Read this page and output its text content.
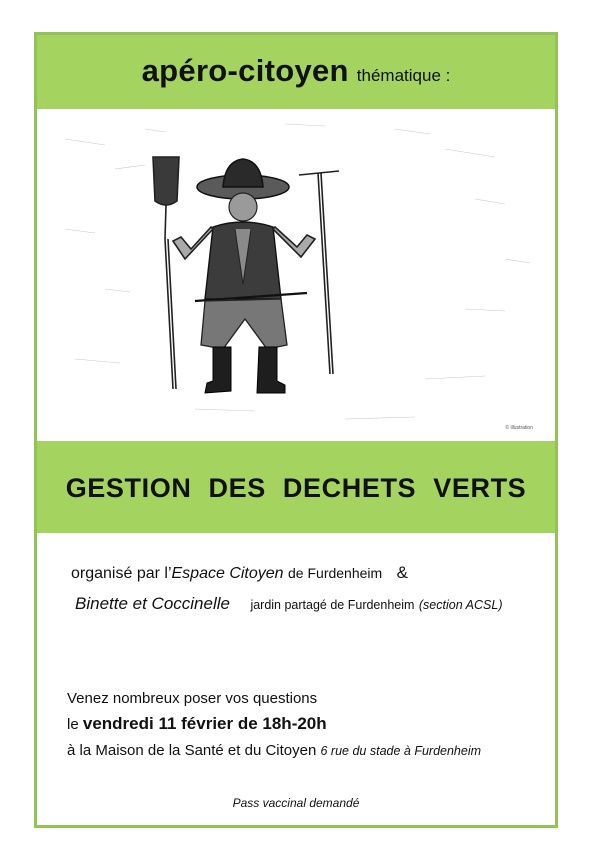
apéro-citoyen thématique :
© illustration
GESTION DES DECHETS VERTS
organisé par l’Espace Citoyen de Furdenheim &
Binette et Coccinelle jardin partagé de Furdenheim (section ACSL)
Venez nombreux poser vos questions
le vendredi 11 février de 18h-20h
à la Maison de la Santé et du Citoyen 6 rue du stade à Furdenheim
Pass vaccinal demandé
